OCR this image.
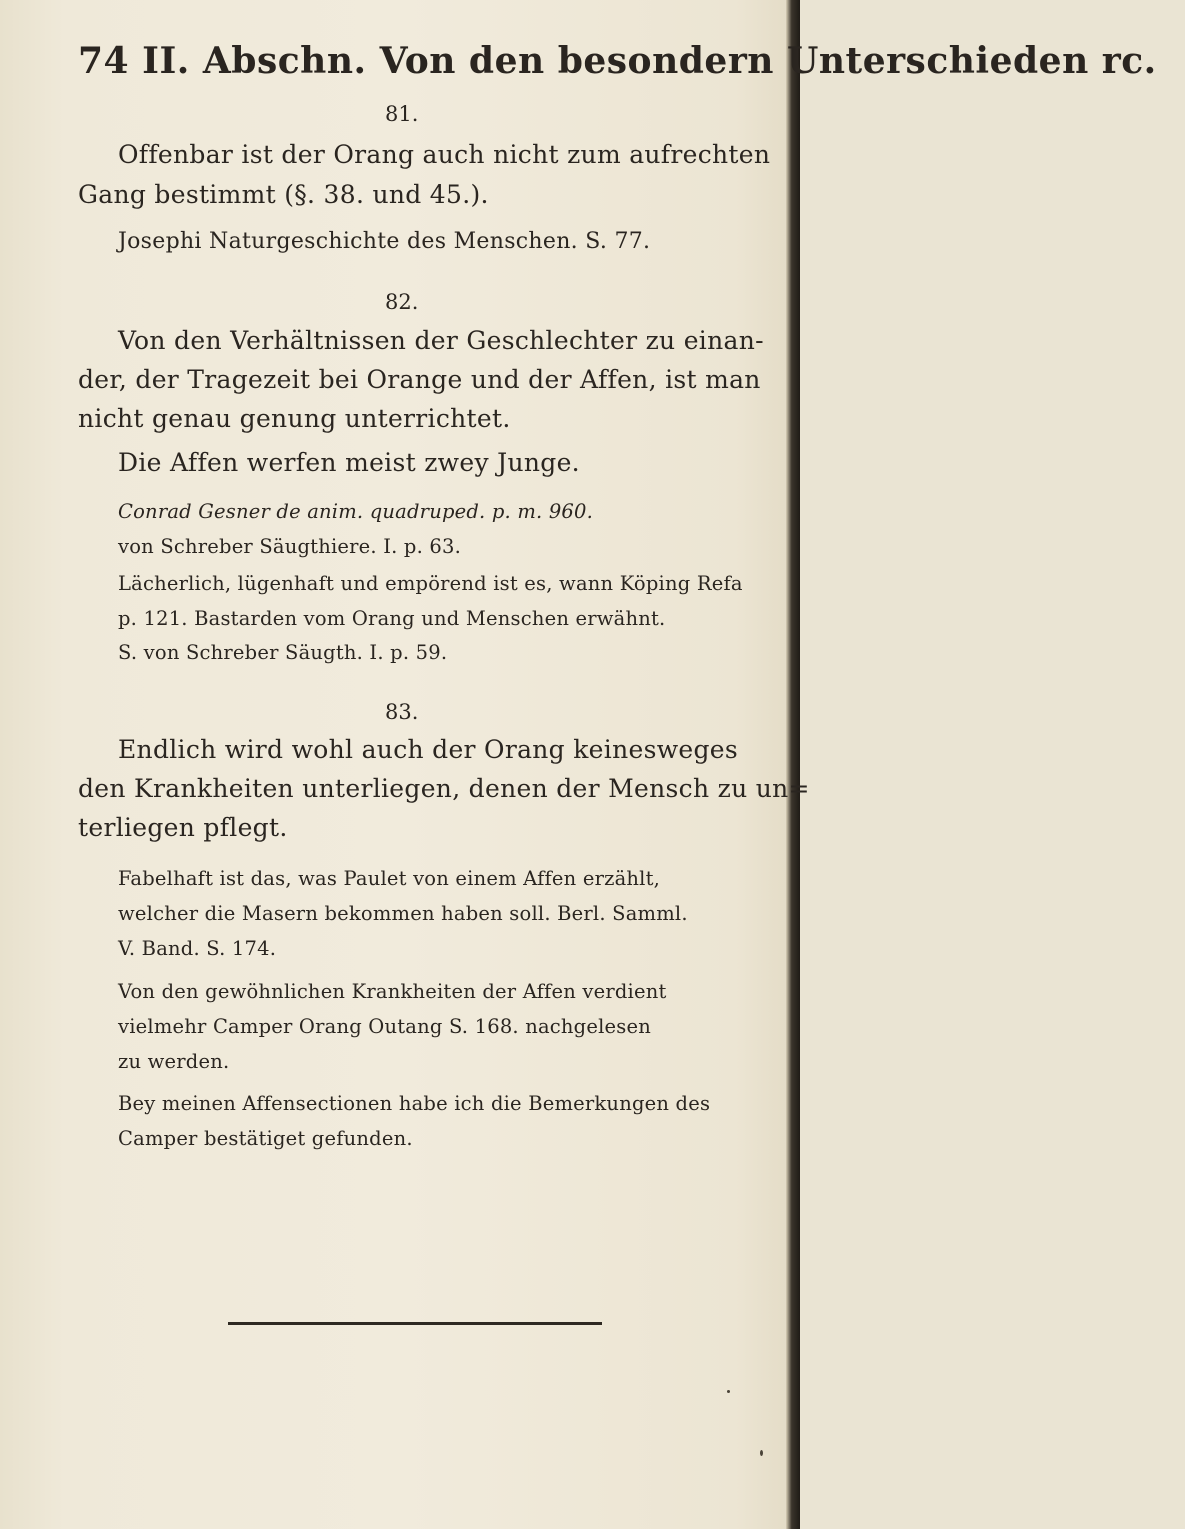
74 II. Abschn. Von den besondern Unterschieden rc.
81.
Offenbar ist der Orang auch nicht zum aufrechten
Gang bestimmt (§. 38. und 45.).
Josephi Naturgeschichte des Menschen. S. 77.
82.
Von den Verhältnissen der Geschlechter zu einan-
der, der Tragezeit bei Orange und der Affen, ist man
nicht genau genung unterrichtet.
Die Affen werfen meist zwey Junge.
Conrad Gesner de anim. quadruped. p. m. 960.
von Schreber Säugthiere. I. p. 63.
Lächerlich, lügenhaft und empörend ist es, wann Köping Refa
p. 121. Bastarden vom Orang und Menschen erwähnt.
S. von Schreber Säugth. I. p. 59.
83.
Endlich wird wohl auch der Orang keinesweges
den Krankheiten unterliegen, denen der Mensch zu un=
terliegen pflegt.
Fabelhaft ist das, was Paulet von einem Affen erzählt,
welcher die Masern bekommen haben soll. Berl. Samml.
V. Band. S. 174.
Von den gewöhnlichen Krankheiten der Affen verdient
vielmehr Camper Orang Outang S. 168. nachgelesen
zu werden.
Bey meinen Affensectionen habe ich die Bemerkungen des
Camper bestätiget gefunden.
